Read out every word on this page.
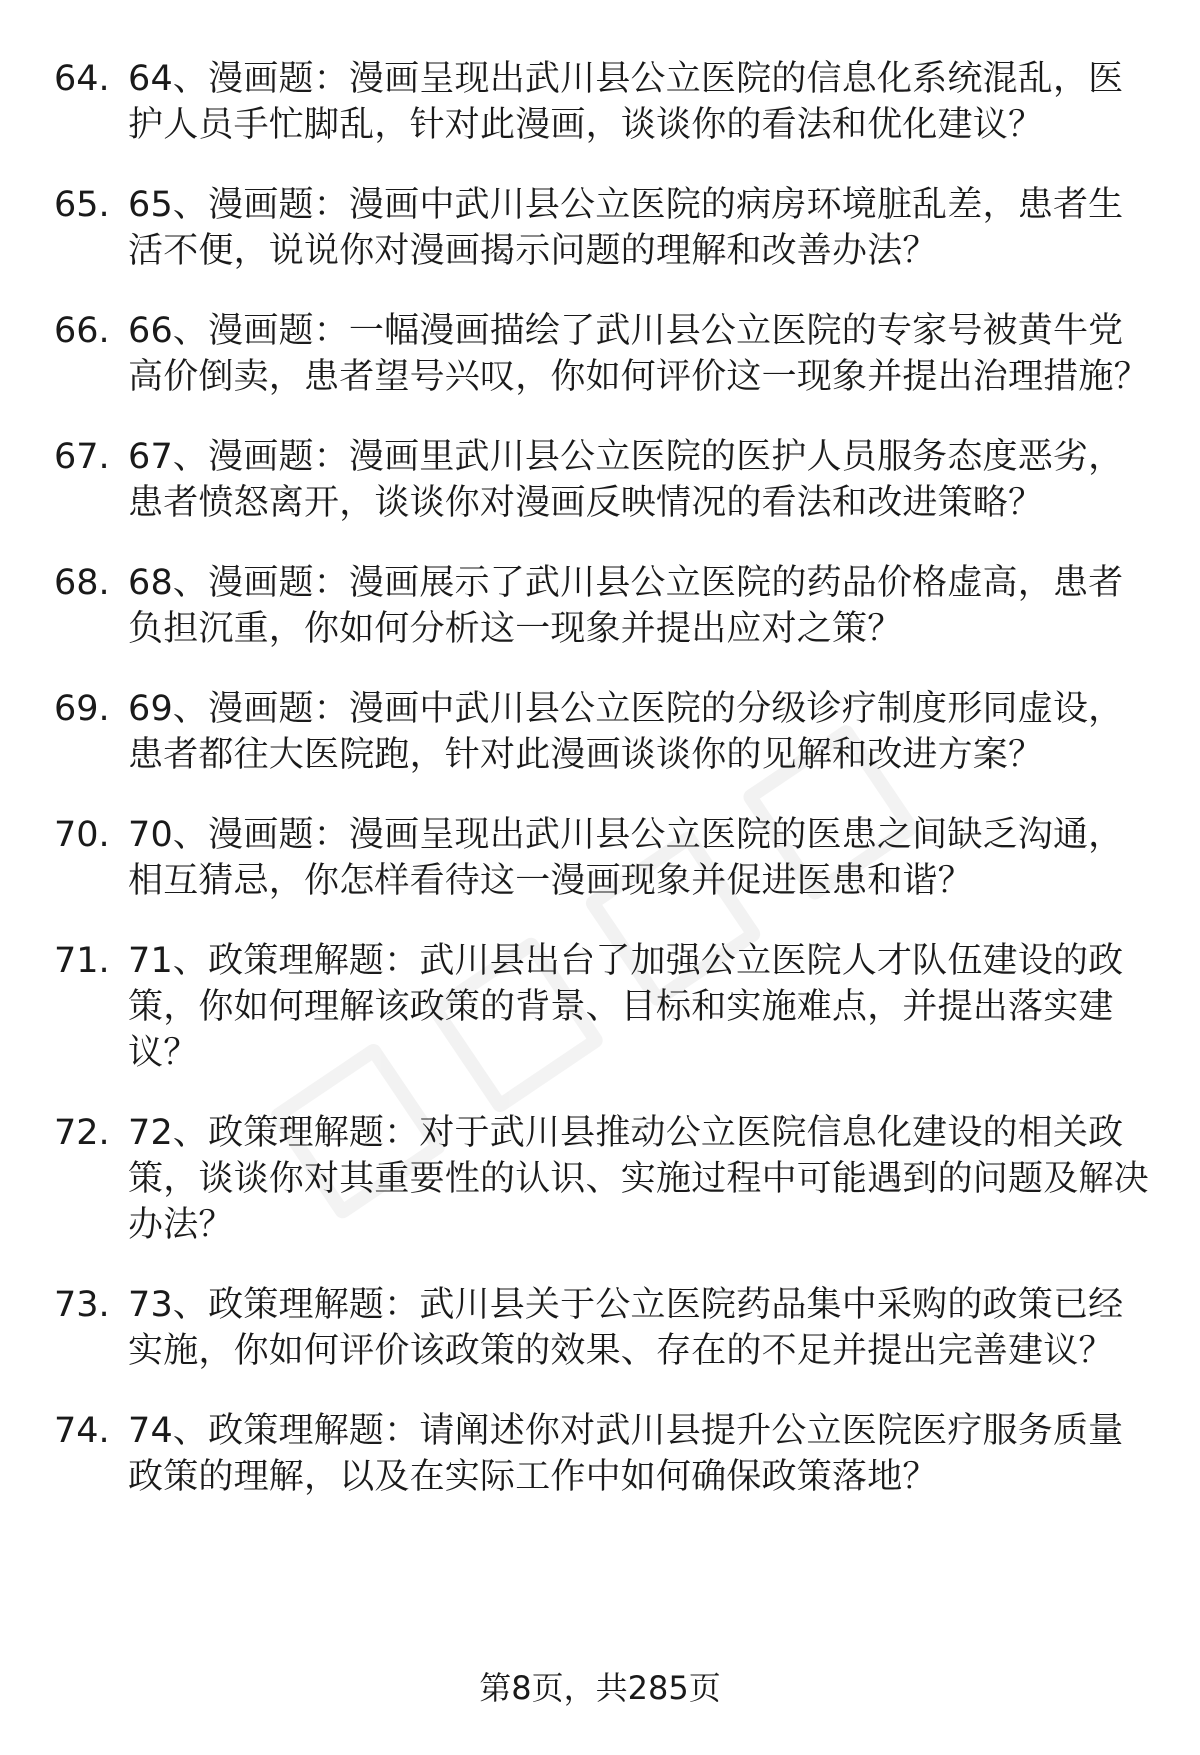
64. 64、漫画题：漫画呈现出武川县公立医院的信息化系统混乱，医护人员手忙脚乱，针对此漫画，谈谈你的看法和优化建议？
65. 65、漫画题：漫画中武川县公立医院的病房环境脏乱差，患者生活不便，说说你对漫画揭示问题的理解和改善办法？
66. 66、漫画题：一幅漫画描绘了武川县公立医院的专家号被黄牛党高价倒卖，患者望号兴叹，你如何评价这一现象并提出治理措施？
67. 67、漫画题：漫画里武川县公立医院的医护人员服务态度恶劣，患者愤怒离开，谈谈你对漫画反映情况的看法和改进策略？
68. 68、漫画题：漫画展示了武川县公立医院的药品价格虚高，患者负担沉重，你如何分析这一现象并提出应对之策？
69. 69、漫画题：漫画中武川县公立医院的分级诊疗制度形同虚设，患者都往大医院跑，针对此漫画谈谈你的见解和改进方案？
70. 70、漫画题：漫画呈现出武川县公立医院的医患之间缺乏沟通，相互猜忌，你怎样看待这一漫画现象并促进医患和谐？
71. 71、政策理解题：武川县出台了加强公立医院人才队伍建设的政策，你如何理解该政策的背景、目标和实施难点，并提出落实建议？
72. 72、政策理解题：对于武川县推动公立医院信息化建设的相关政策，谈谈你对其重要性的认识、实施过程中可能遇到的问题及解决办法？
73. 73、政策理解题：武川县关于公立医院药品集中采购的政策已经实施，你如何评价该政策的效果、存在的不足并提出完善建议？
74. 74、政策理解题：请阐述你对武川县提升公立医院医疗服务质量政策的理解，以及在实际工作中如何确保政策落地？
第8页，共285页
